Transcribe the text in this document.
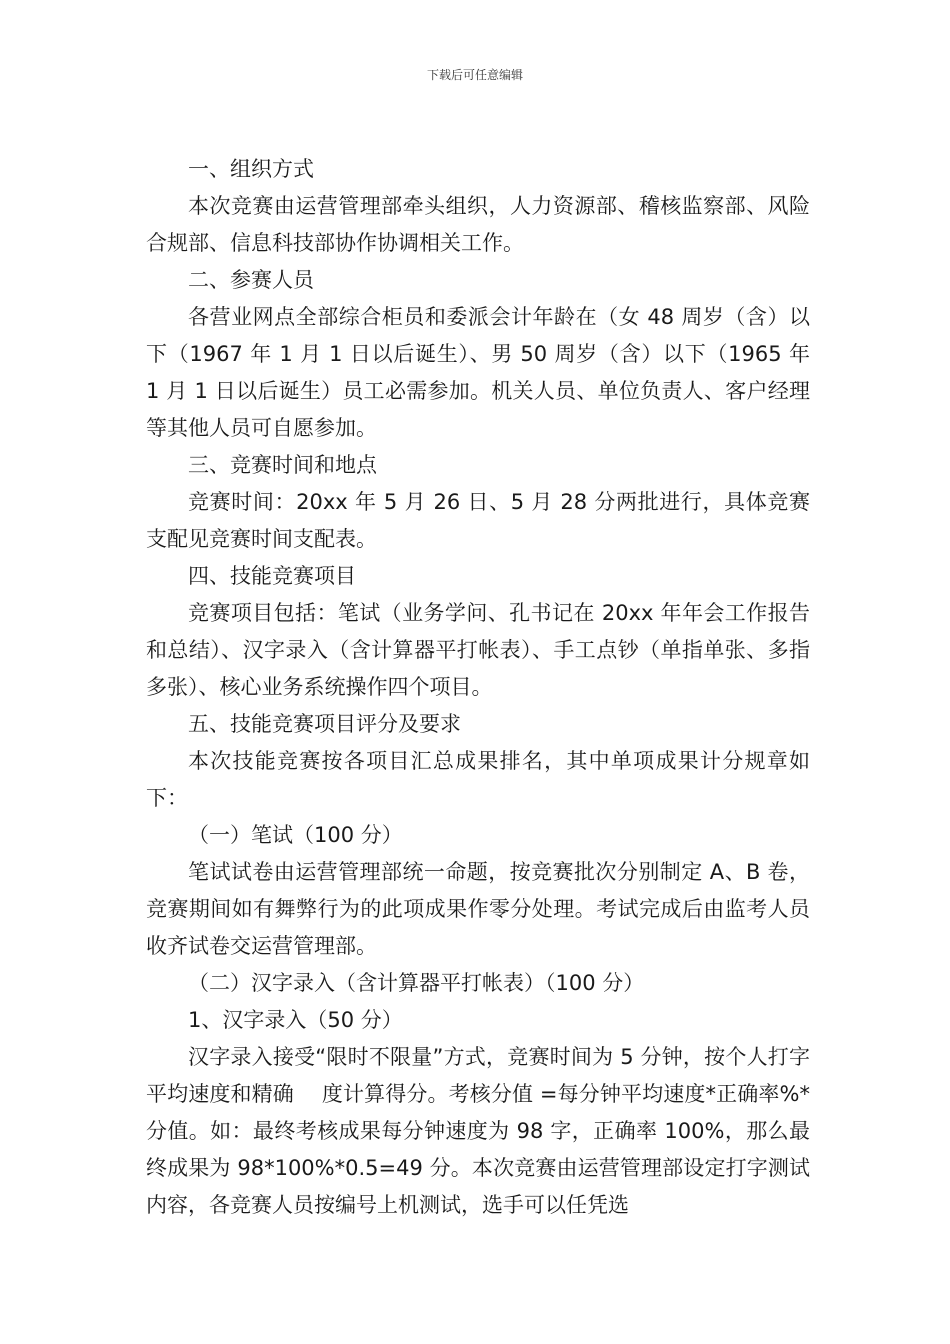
下载后可任意编辑

一、组织方式

本次竞赛由运营管理部牵头组织，人力资源部、稽核监察部、风险合规部、信息科技部协作协调相关工作。

二、参赛人员

各营业网点全部综合柜员和委派会计年龄在（女 48 周岁（含）以下（1967 年 1 月 1 日以后诞生）、男 50 周岁（含）以下（1965 年 1 月 1 日以后诞生）员工必需参加。机关人员、单位负责人、客户经理等其他人员可自愿参加。

三、竞赛时间和地点

竞赛时间：20xx 年 5 月 26 日、5 月 28 分两批进行，具体竞赛支配见竞赛时间支配表。

四、技能竞赛项目

竞赛项目包括：笔试（业务学问、孔书记在 20xx 年年会工作报告和总结）、汉字录入（含计算器平打帐表）、手工点钞（单指单张、多指多张）、核心业务系统操作四个项目。

五、技能竞赛项目评分及要求

本次技能竞赛按各项目汇总成果排名，其中单项成果计分规章如下：

（一）笔试（100 分）

笔试试卷由运营管理部统一命题，按竞赛批次分别制定 A、B 卷，竞赛期间如有舞弊行为的此项成果作零分处理。考试完成后由监考人员收齐试卷交运营管理部。

（二）汉字录入（含计算器平打帐表）（100 分）

1、汉字录入（50 分）

汉字录入接受“限时不限量”方式，竞赛时间为 5 分钟，按个人打字平均速度和精确　 度计算得分。考核分值 =每分钟平均速度*正确率%*分值。如：最终考核成果每分钟速度为 98 字，正确率 100%，那么最终成果为 98*100%*0.5=49 分。本次竞赛由运营管理部设定打字测试内容，各竞赛人员按编号上机测试，选手可以任凭选
